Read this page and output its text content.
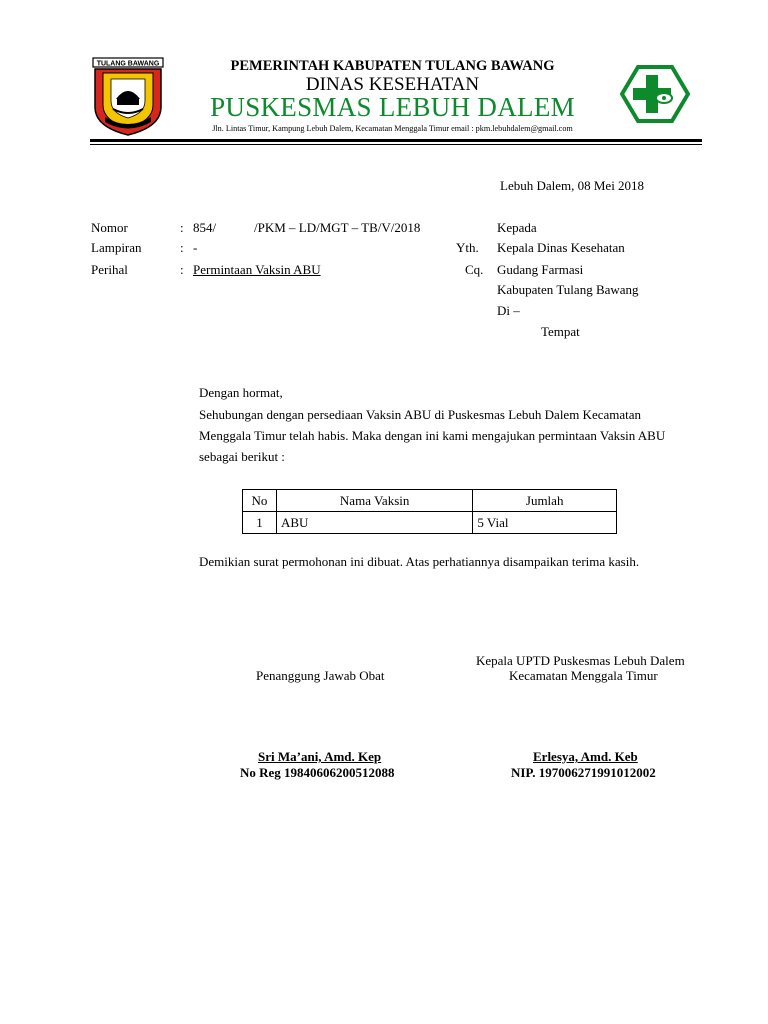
TULANG BAWANG	PEMERINTAH KABUPATEN TULANG BAWANG
DINAS KESEHATAN
PUSKESMAS LEBUH DALEM
Jln. Lintas Timur, Kampung Lebuh Dalem, Kecamatan Menggala Timur email : pkm.lebuhdalem@gmail.com
Lebuh Dalem, 08 Mei 2018
Nomor	: 854/	/PKM – LD/MGT – TB/V/2018
Lampiran	: -
Perihal	: Permintaan Vaksin ABU
Kepada
Yth. Kepala Dinas Kesehatan
Cq. Gudang Farmasi
Kabupaten Tulang Bawang
Di –
Tempat
Dengan hormat,
Sehubungan dengan persediaan Vaksin ABU di Puskesmas Lebuh Dalem Kecamatan
Menggala Timur telah habis. Maka dengan ini kami mengajukan permintaan Vaksin ABU
sebagai berikut :
No	Nama Vaksin	Jumlah
1	ABU	5 Vial
Demikian surat permohonan ini dibuat. Atas perhatiannya disampaikan terima kasih.
Penanggung Jawab Obat
Kepala UPTD Puskesmas Lebuh Dalem
Kecamatan Menggala Timur
Sri Ma’ani, Amd. Kep
No Reg 19840606200512088
Erlesya, Amd. Keb
NIP. 197006271991012002
